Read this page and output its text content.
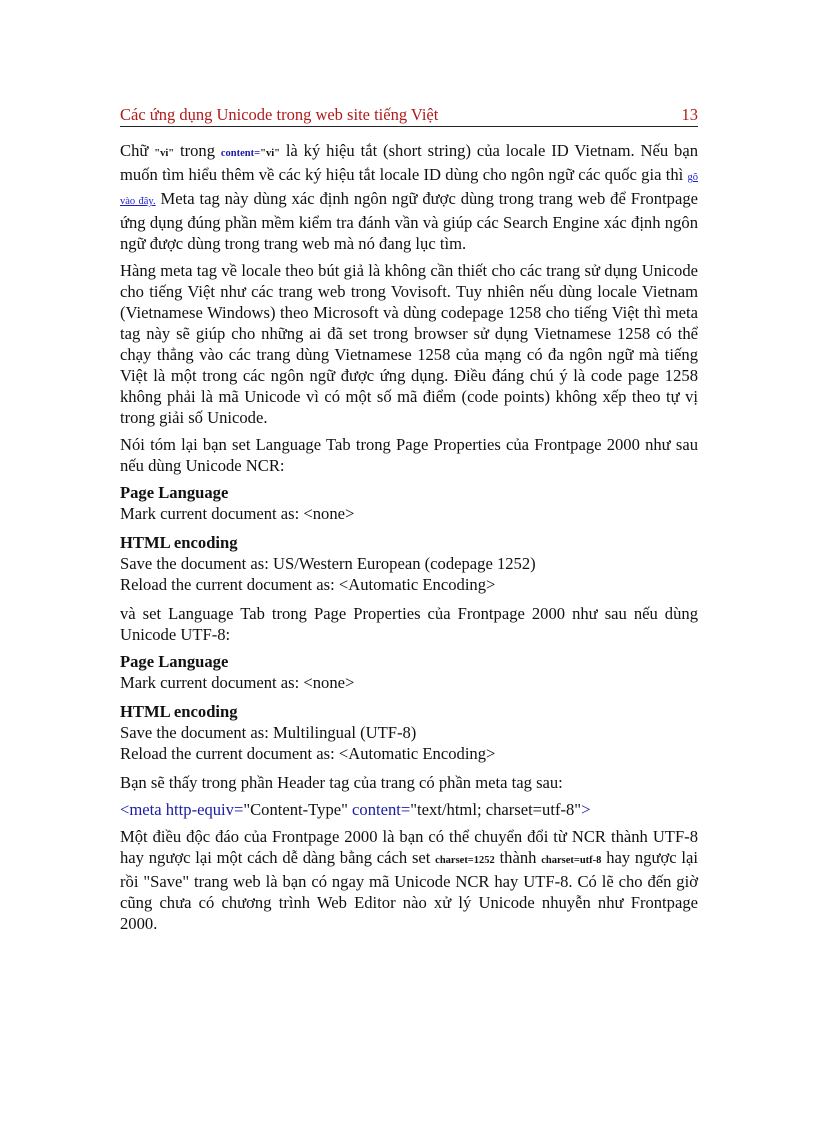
Các ứng dụng Unicode trong web site tiếng Việt	13

Chữ "vi" trong content="vi" là ký hiệu tắt (short string) của locale ID Vietnam. Nếu bạn muốn tìm hiểu thêm về các ký hiệu tắt locale ID dùng cho ngôn ngữ các quốc gia thì gõ vào đây. Meta tag này dùng xác định ngôn ngữ được dùng trong trang web để Frontpage ứng dụng đúng phần mềm kiểm tra đánh vần và giúp các Search Engine xác định ngôn ngữ được dùng trong trang web mà nó đang lục tìm.

Hàng meta tag về locale theo bút giả là không cần thiết cho các trang sử dụng Unicode cho tiếng Việt như các trang web trong Vovisoft. Tuy nhiên nếu dùng locale Vietnam (Vietnamese Windows) theo Microsoft và dùng codepage 1258 cho tiếng Việt thì meta tag này sẽ giúp cho những ai đã set trong browser sử dụng Vietnamese 1258 có thể chạy thẳng vào các trang dùng Vietnamese 1258 của mạng có đa ngôn ngữ mà tiếng Việt là một trong các ngôn ngữ được ứng dụng. Điều đáng chú ý là code page 1258 không phải là mã Unicode vì có một số mã điểm (code points) không xếp theo tự vị trong giải số Unicode.

Nói tóm lại bạn set Language Tab trong Page Properties của Frontpage 2000 như sau nếu dùng Unicode NCR:

Page Language
Mark current document as: <none>
HTML encoding
Save the document as: US/Western European (codepage 1252)
Reload the current document as: <Automatic Encoding>

và set Language Tab trong Page Properties của Frontpage 2000 như sau nếu dùng Unicode UTF-8:

Page Language
Mark current document as: <none>
HTML encoding
Save the document as: Multilingual (UTF-8)
Reload the current document as: <Automatic Encoding>

Bạn sẽ thấy trong phần Header tag của trang có phần meta tag sau:

<meta http-equiv="Content-Type" content="text/html; charset=utf-8">

Một điều độc đáo của Frontpage 2000 là bạn có thể chuyển đổi từ NCR thành UTF-8 hay ngược lại một cách dễ dàng bằng cách set charset=1252 thành charset=utf-8 hay ngược lại rồi "Save" trang web là bạn có ngay mã Unicode NCR hay UTF-8. Có lẽ cho đến giờ cũng chưa có chương trình Web Editor nào xử lý Unicode nhuyễn như Frontpage 2000.
